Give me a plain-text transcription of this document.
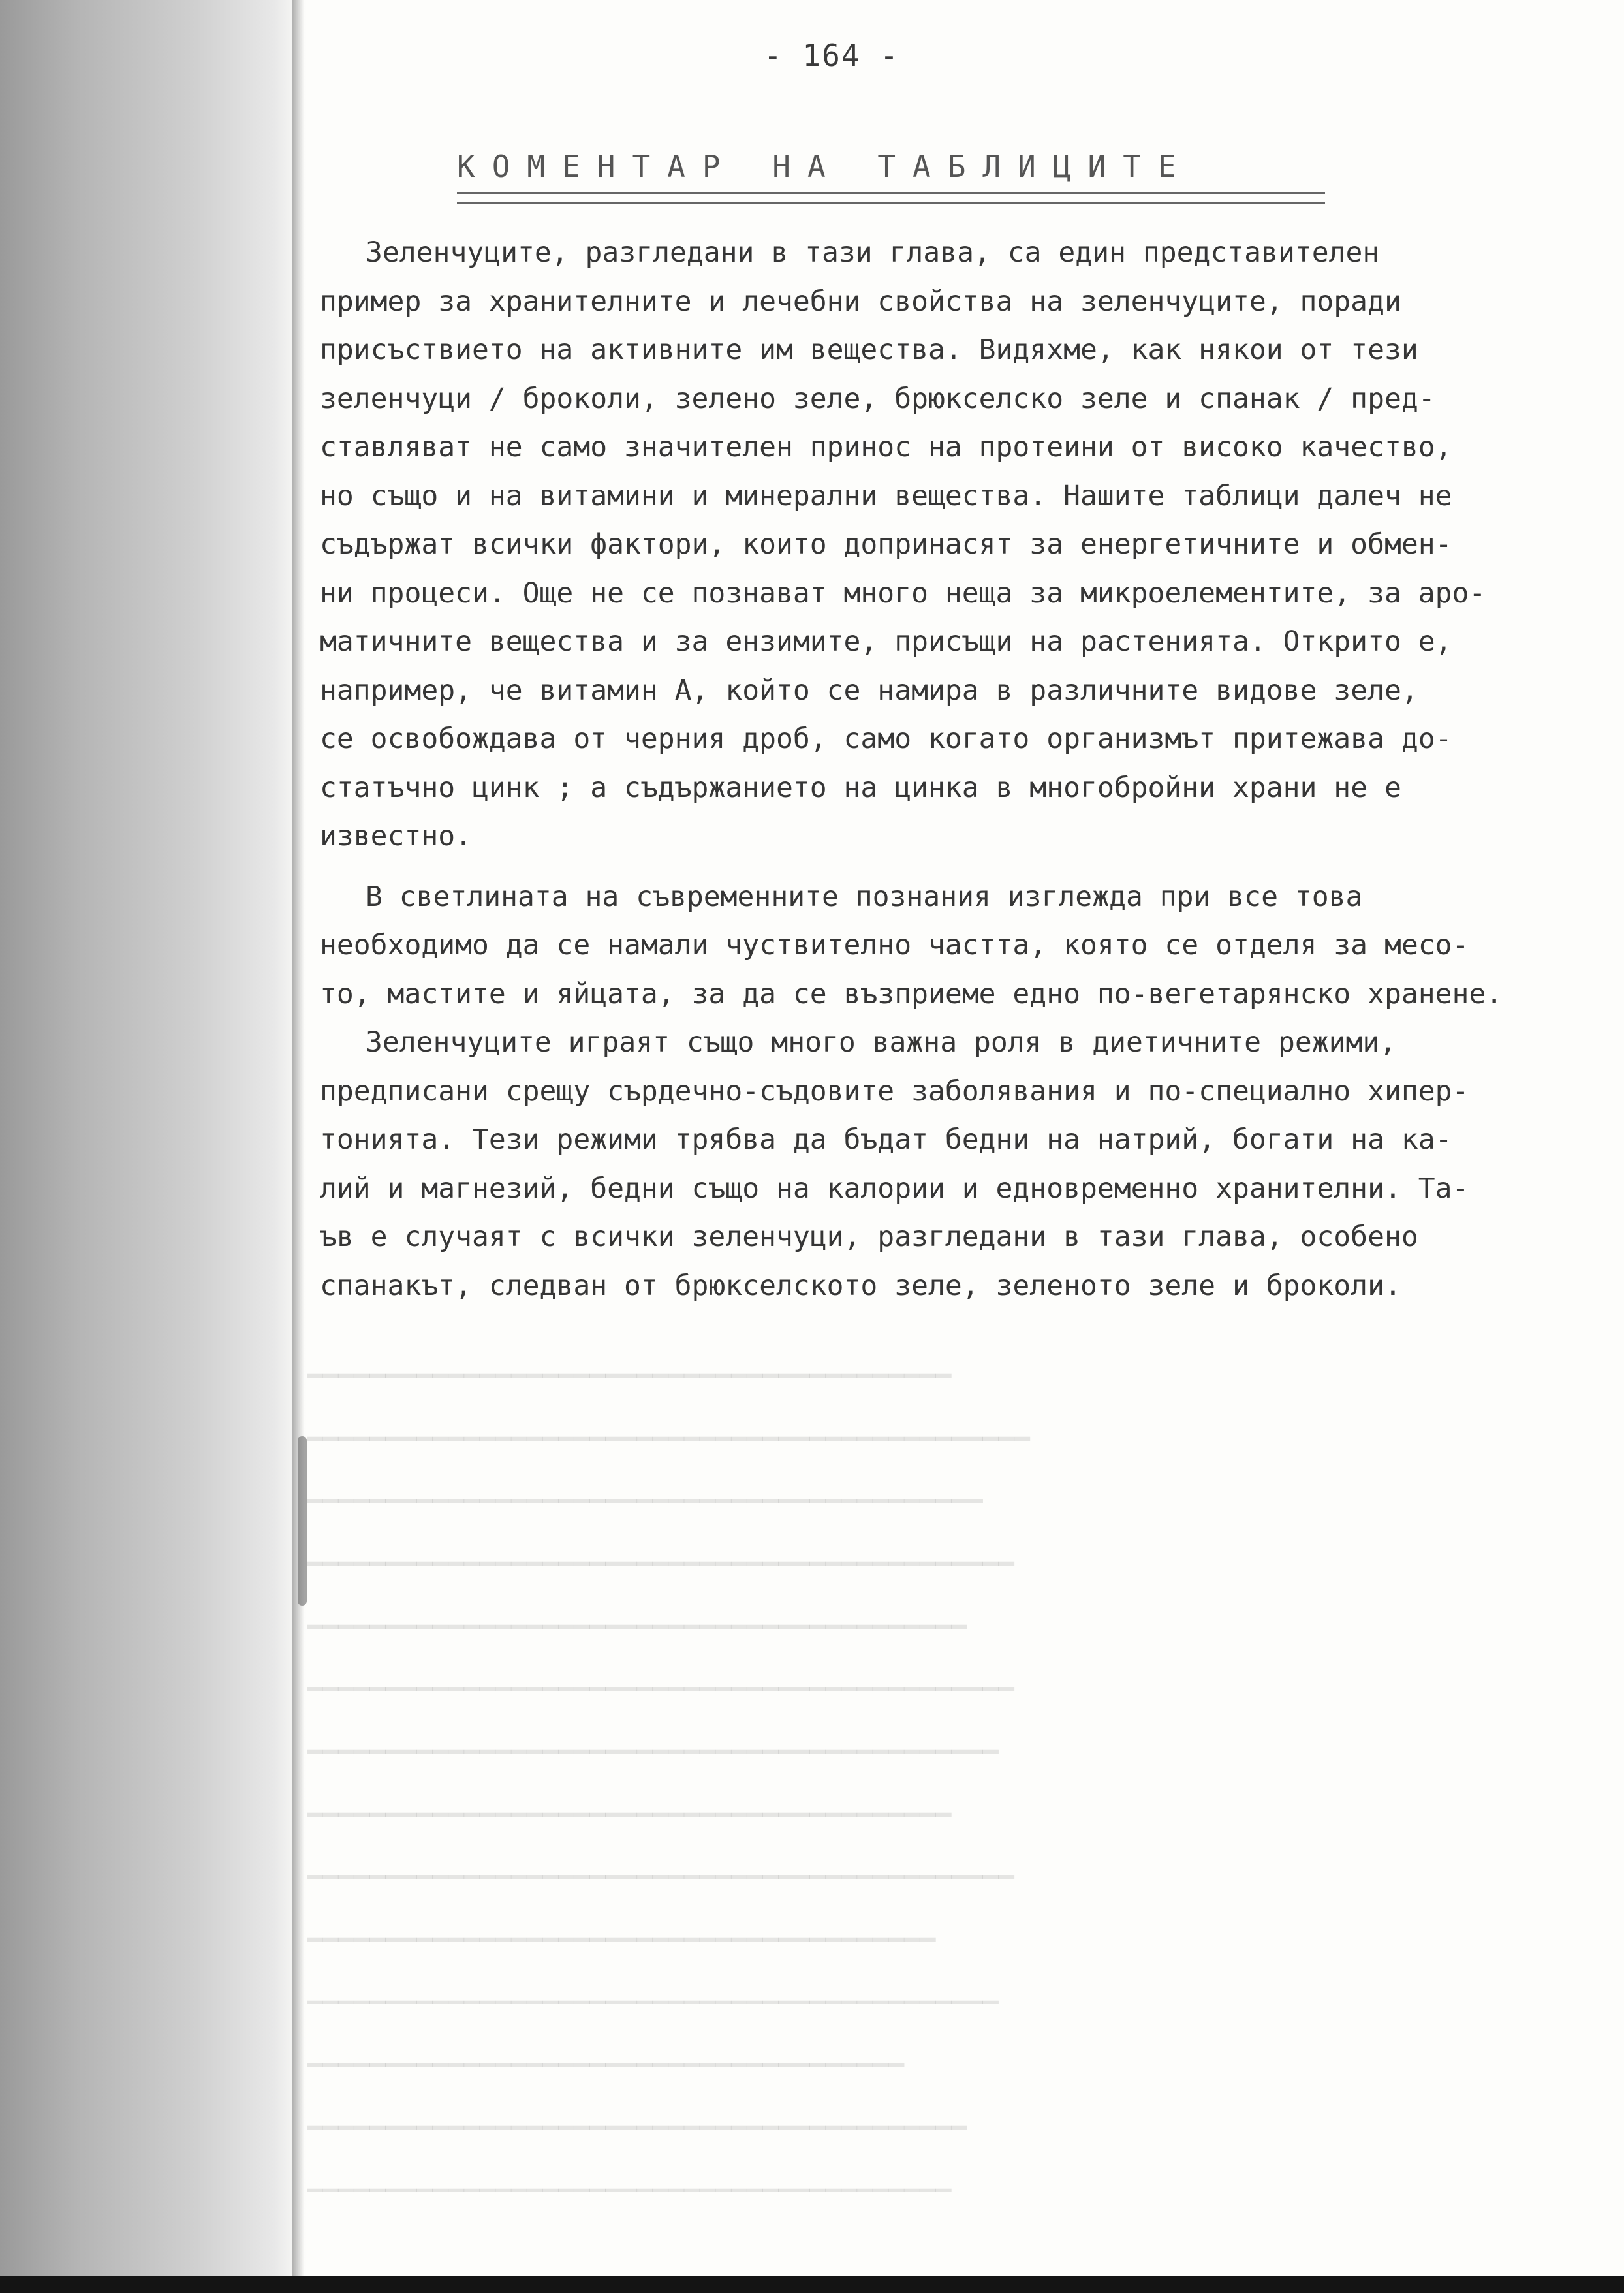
▁▁▁▁▁▁▁▁▁▁▁▁▁▁▁▁▁▁▁▁▁▁▁▁▁▁▁▁▁▁▁▁▁▁▁▁▁▁▁▁▁
▁▁▁▁▁▁▁▁▁▁▁▁▁▁▁▁▁▁▁▁▁▁▁▁▁▁▁▁▁▁▁▁▁▁▁▁▁▁▁▁▁▁▁▁▁▁
▁▁▁▁▁▁▁▁▁▁▁▁▁▁▁▁▁▁▁▁▁▁▁▁▁▁▁▁▁▁▁▁▁▁▁▁▁▁▁▁▁▁▁
▁▁▁▁▁▁▁▁▁▁▁▁▁▁▁▁▁▁▁▁▁▁▁▁▁▁▁▁▁▁▁▁▁▁▁▁▁▁▁▁▁▁▁▁▁
▁▁▁▁▁▁▁▁▁▁▁▁▁▁▁▁▁▁▁▁▁▁▁▁▁▁▁▁▁▁▁▁▁▁▁▁▁▁▁▁▁▁
▁▁▁▁▁▁▁▁▁▁▁▁▁▁▁▁▁▁▁▁▁▁▁▁▁▁▁▁▁▁▁▁▁▁▁▁▁▁▁▁▁▁▁▁▁
▁▁▁▁▁▁▁▁▁▁▁▁▁▁▁▁▁▁▁▁▁▁▁▁▁▁▁▁▁▁▁▁▁▁▁▁▁▁▁▁▁▁▁▁
▁▁▁▁▁▁▁▁▁▁▁▁▁▁▁▁▁▁▁▁▁▁▁▁▁▁▁▁▁▁▁▁▁▁▁▁▁▁▁▁▁
▁▁▁▁▁▁▁▁▁▁▁▁▁▁▁▁▁▁▁▁▁▁▁▁▁▁▁▁▁▁▁▁▁▁▁▁▁▁▁▁▁▁▁▁▁
▁▁▁▁▁▁▁▁▁▁▁▁▁▁▁▁▁▁▁▁▁▁▁▁▁▁▁▁▁▁▁▁▁▁▁▁▁▁▁▁
▁▁▁▁▁▁▁▁▁▁▁▁▁▁▁▁▁▁▁▁▁▁▁▁▁▁▁▁▁▁▁▁▁▁▁▁▁▁▁▁▁▁▁▁
▁▁▁▁▁▁▁▁▁▁▁▁▁▁▁▁▁▁▁▁▁▁▁▁▁▁▁▁▁▁▁▁▁▁▁▁▁▁
▁▁▁▁▁▁▁▁▁▁▁▁▁▁▁▁▁▁▁▁▁▁▁▁▁▁▁▁▁▁▁▁▁▁▁▁▁▁▁▁▁▁
▁▁▁▁▁▁▁▁▁▁▁▁▁▁▁▁▁▁▁▁▁▁▁▁▁▁▁▁▁▁▁▁▁▁▁▁▁▁▁▁▁
- 164 -
КОМЕНТАР НА ТАБЛИЦИТЕ
Зеленчуците, разгледани в тази глава, са един представителен
пример за хранителните и лечебни свойства на зеленчуците, поради
присъствието на активните им вещества. Видяхме, как някои от тези
зеленчуци / броколи, зелено зеле, брюкселско зеле и спанак / пред-
ставляват не само значителен принос на протеини от високо качество,
но също и на витамини и минерални вещества. Нашите таблици далеч не
съдържат всички фактори, които допринасят за енергетичните и обмен-
ни процеси. Още не се познават много неща за микроелементите, за аро-
матичните вещества и за ензимите, присъщи на растенията. Открито е,
например, че витамин А, който се намира в различните видове зеле,
се освобождава от черния дроб, само когато организмът притежава до-
статъчно цинк ; а съдържанието на цинка в многобройни храни не е
известно.
В светлината на съвременните познания изглежда при все това
необходимо да се намали чуствително частта, която се отделя за месо-
то, мастите и яйцата, за да се възприеме едно по-вегетарянско хранене.
Зеленчуците играят също много важна роля в диетичните режими,
предписани срещу сърдечно-съдовите заболявания и по-специално хипер-
тонията. Тези режими трябва да бъдат бедни на натрий, богати на ка-
лий и магнезий, бедни също на калории и едновременно хранителни. Та-
ъв е случаят с всички зеленчуци, разгледани в тази глава, особено
спанакът, следван от брюкселското зеле, зеленото зеле и броколи.
